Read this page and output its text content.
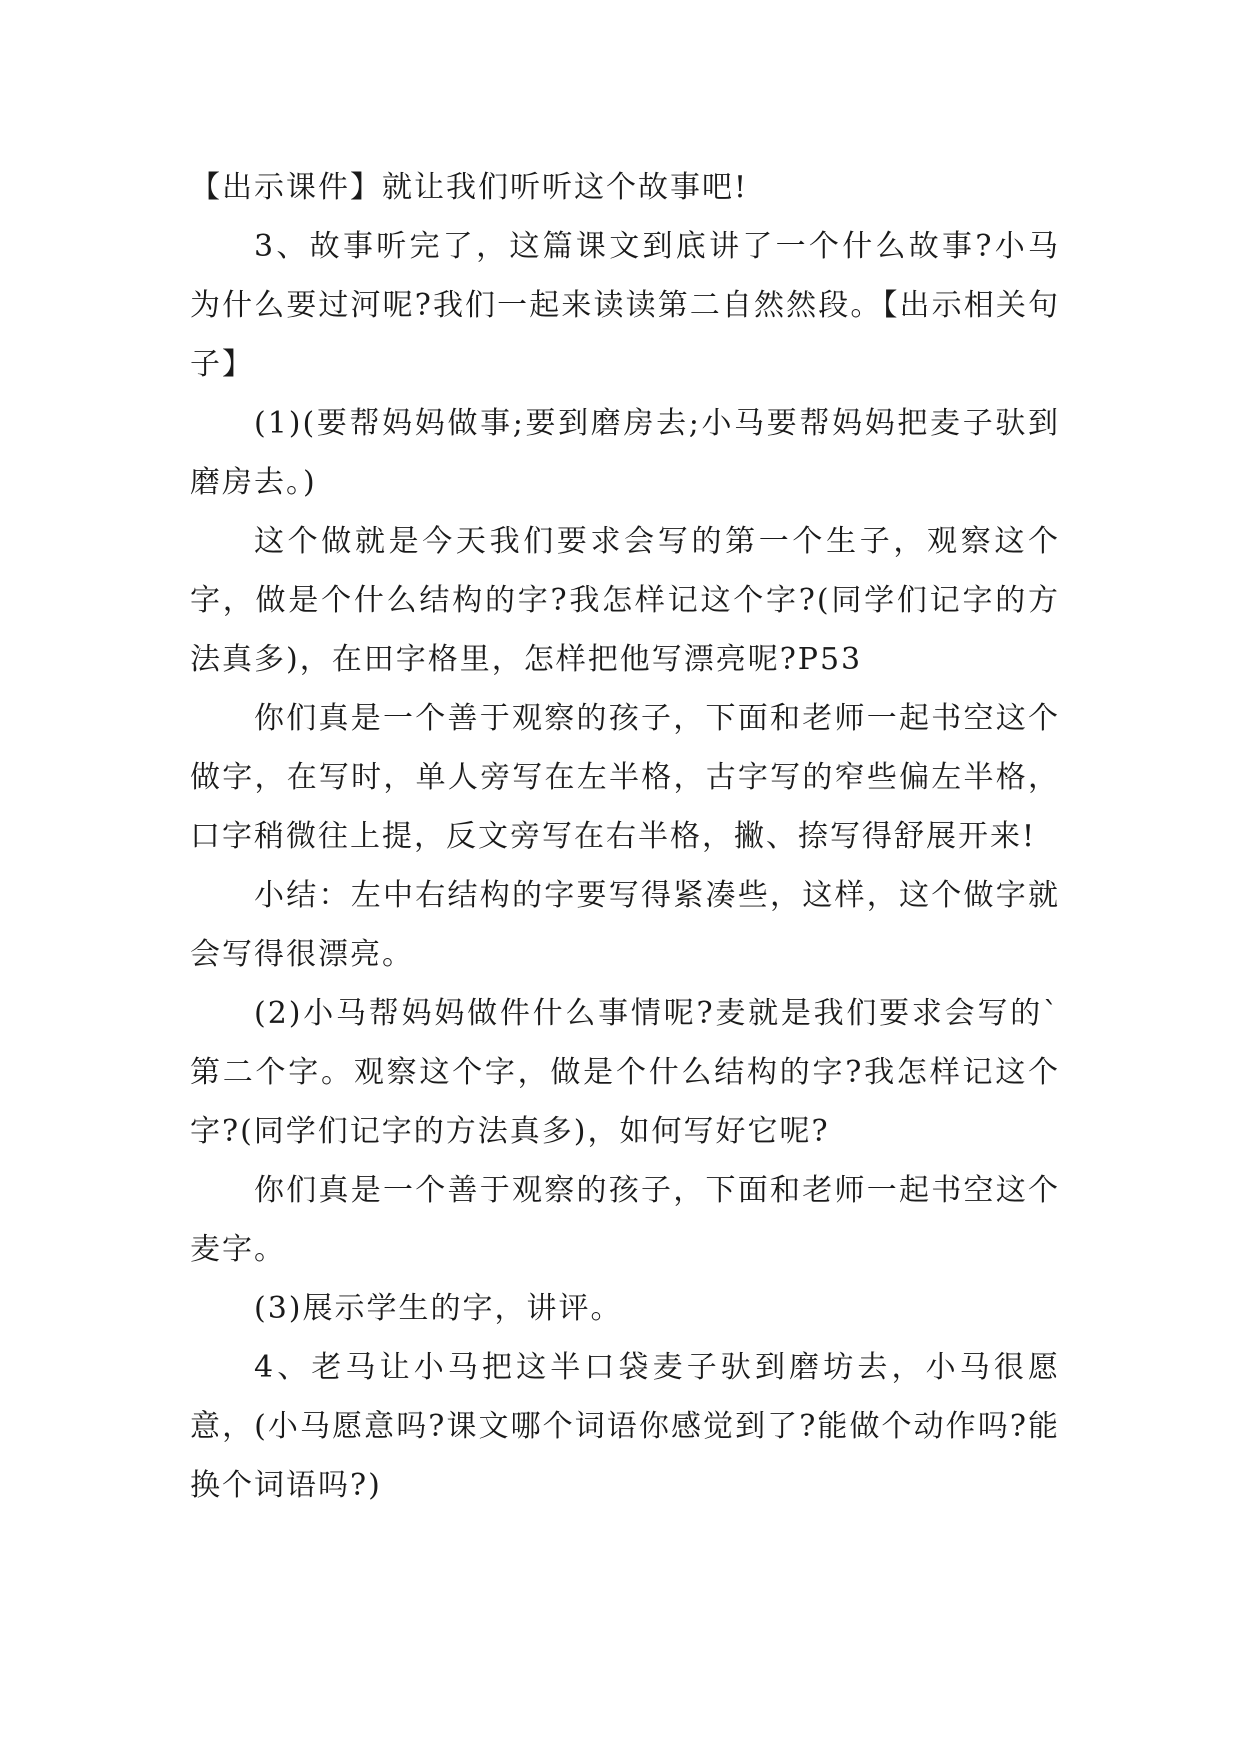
【出示课件】就让我们听听这个故事吧!

3、故事听完了，这篇课文到底讲了一个什么故事?小马为什么要过河呢?我们一起来读读第二自然然段。【出示相关句子】

(1)(要帮妈妈做事;要到磨房去;小马要帮妈妈把麦子驮到磨房去。)

这个做就是今天我们要求会写的第一个生子，观察这个字，做是个什么结构的字?我怎样记这个字?(同学们记字的方法真多)，在田字格里，怎样把他写漂亮呢?P53

你们真是一个善于观察的孩子，下面和老师一起书空这个做字，在写时，单人旁写在左半格，古字写的窄些偏左半格，口字稍微往上提，反文旁写在右半格，撇、捺写得舒展开来!

小结：左中右结构的字要写得紧凑些，这样，这个做字就会写得很漂亮。

(2)小马帮妈妈做件什么事情呢?麦就是我们要求会写的`第二个字。观察这个字，做是个什么结构的字?我怎样记这个字?(同学们记字的方法真多)，如何写好它呢?

你们真是一个善于观察的孩子，下面和老师一起书空这个麦字。

(3)展示学生的字，讲评。

4、老马让小马把这半口袋麦子驮到磨坊去，小马很愿意，(小马愿意吗?课文哪个词语你感觉到了?能做个动作吗?能换个词语吗?)
